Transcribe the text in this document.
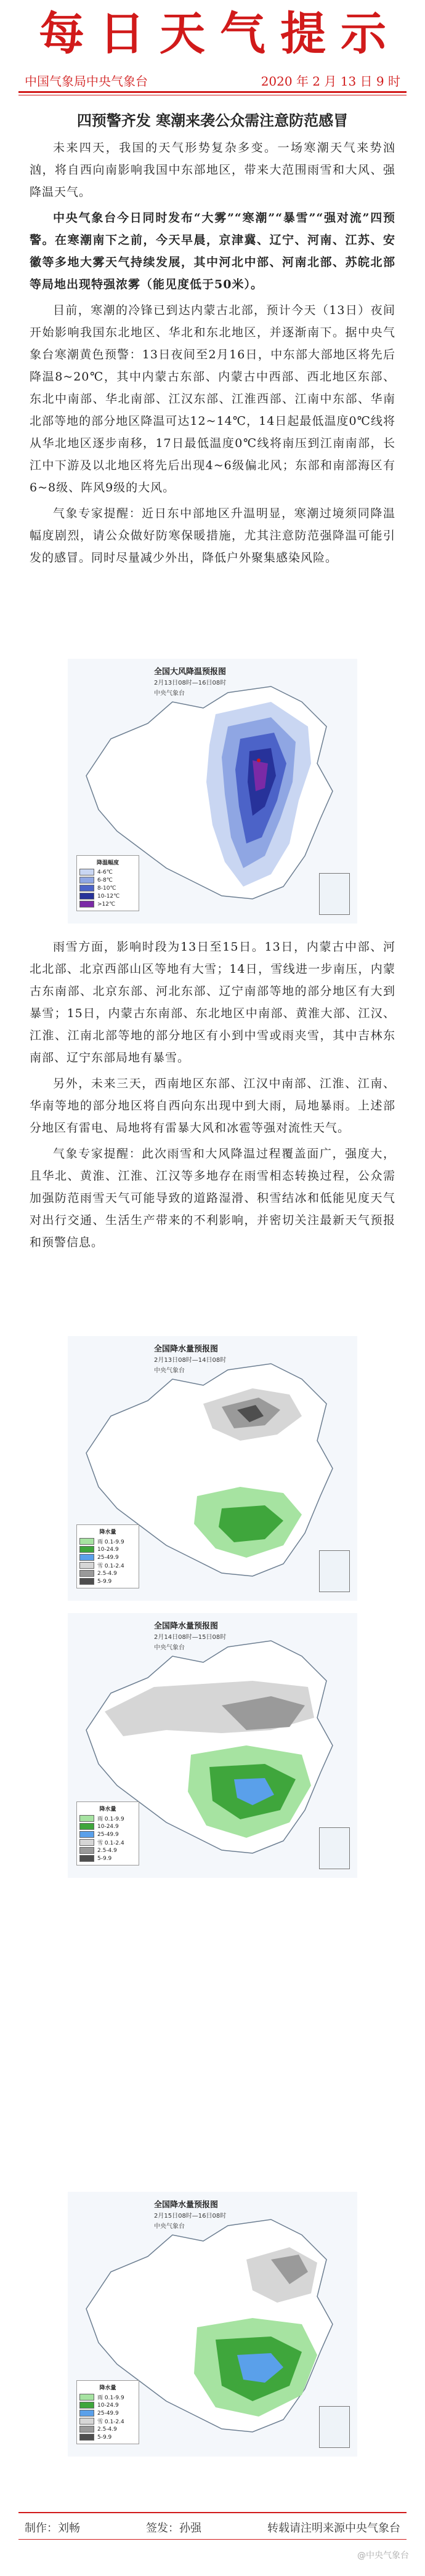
每日天气提示
中国气象局中央气象台	2020 年 2 月 13 日 9 时
四预警齐发 寒潮来袭公众需注意防范感冒

未来四天，我国的天气形势复杂多变。一场寒潮天气来势汹汹，将自西向南影响我国中东部地区，带来大范围雨雪和大风、强降温天气。

中央气象台今日同时发布“大雾”“寒潮”“暴雪”“强对流”四预警。在寒潮南下之前，今天早晨，京津冀、辽宁、河南、江苏、安徽等多地大雾天气持续发展，其中河北中部、河南北部、苏皖北部等局地出现特强浓雾（能见度低于50米）。

目前，寒潮的冷锋已到达内蒙古北部，预计今天（13日）夜间开始影响我国东北地区、华北和东北地区，并逐渐南下。据中央气象台寒潮黄色预警：13日夜间至2月16日，中东部大部地区将先后降温8~20℃，其中内蒙古东部、内蒙古中西部、西北地区东部、东北中南部、华北南部、江汉东部、江淮西部、江南中东部、华南北部等地的部分地区降温可达12~14℃，14日起最低温度0℃线将从华北地区逐步南移，17日最低温度0℃线将南压到江南南部，长江中下游及以北地区将先后出现4~6级偏北风；东部和南部海区有6~8级、阵风9级的大风。

气象专家提醒：近日东中部地区升温明显，寒潮过境须同降温幅度剧烈，请公众做好防寒保暖措施，尤其注意防范强降温可能引发的感冒。同时尽量减少外出，降低户外聚集感染风险。

全国大风降温预报图
2月13日08时—16日08时
中央气象台
降温幅度
4-6℃
6-8℃
8-10℃
10-12℃
>12℃

雨雪方面，影响时段为13日至15日。13日，内蒙古中部、河北北部、北京西部山区等地有大雪；14日，雪线进一步南压，内蒙古东南部、北京东部、河北东部、辽宁南部等地的部分地区有大到暴雪；15日，内蒙古东南部、东北地区中南部、黄淮大部、江汉、江淮、江南北部等地的部分地区有小到中雪或雨夹雪，其中吉林东南部、辽宁东部局地有暴雪。

另外，未来三天，西南地区东部、江汉中南部、江淮、江南、华南等地的部分地区将自西向东出现中到大雨，局地暴雨。上述部分地区有雷电、局地将有雷暴大风和冰雹等强对流性天气。

气象专家提醒：此次雨雪和大风降温过程覆盖面广，强度大，且华北、黄淮、江淮、江汉等多地存在雨雪相态转换过程，公众需加强防范雨雪天气可能导致的道路湿滑、积雪结冰和低能见度天气对出行交通、生活生产带来的不利影响，并密切关注最新天气预报和预警信息。

全国降水量预报图
2月13日08时—14日08时
中央气象台
降水量
雨 0.1-9.9
10-24.9
25-49.9
雪 0.1-2.4
2.5-4.9
5-9.9
全国降水量预报图
2月14日08时—15日08时
中央气象台
降水量
雨 0.1-9.9
10-24.9
25-49.9
雪 0.1-2.4
2.5-4.9
5-9.9
全国降水量预报图
2月15日08时—16日08时
中央气象台
降水量
雨 0.1-9.9
10-24.9
25-49.9
雪 0.1-2.4
2.5-4.9
5-9.9
制作：刘畅	签发：孙强	转载请注明来源中央气象台
@中央气象台
